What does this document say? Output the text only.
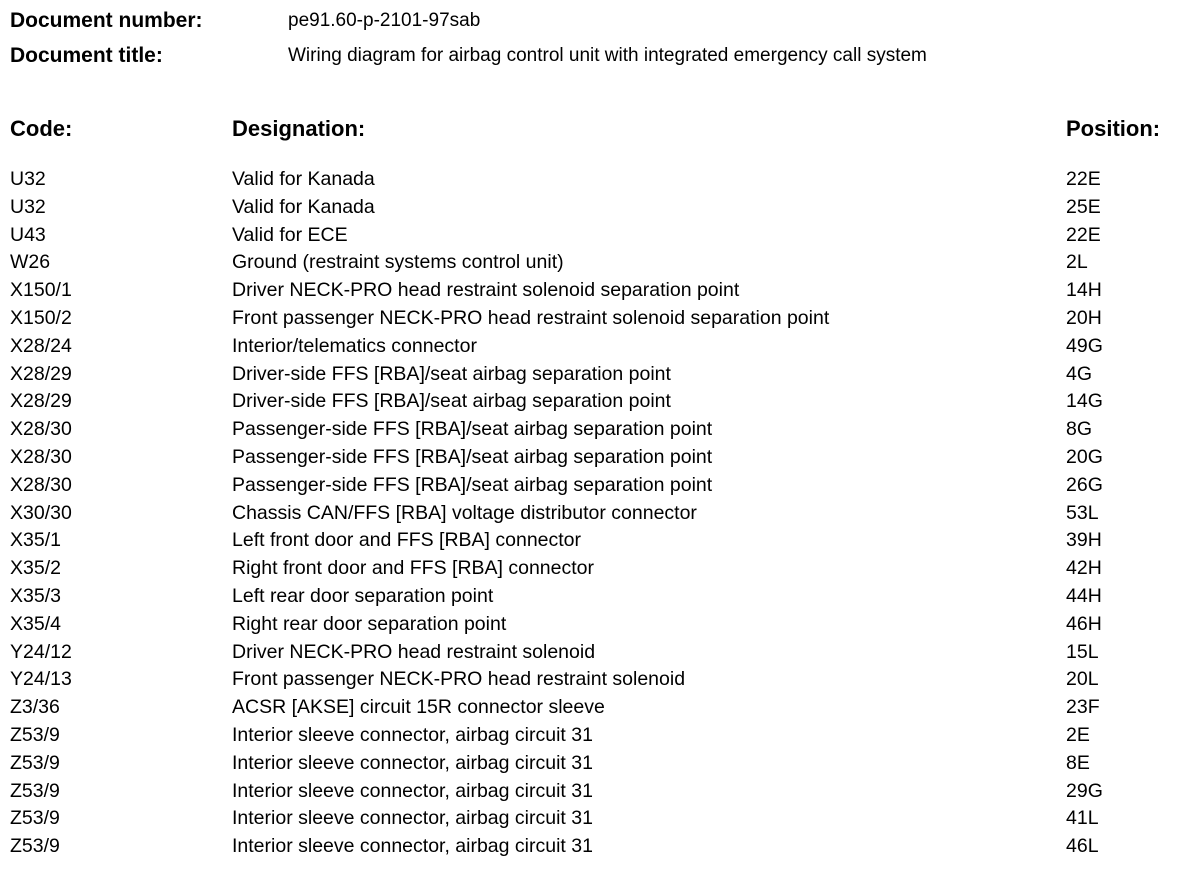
Document number:	pe91.60-p-2101-97sab
Document title:	Wiring diagram for airbag control unit with integrated emergency call system
Code:	Designation:	Position:
U32	Valid for Kanada	22E
U32	Valid for Kanada	25E
U43	Valid for ECE	22E
W26	Ground (restraint systems control unit)	2L
X150/1	Driver NECK-PRO head restraint solenoid separation point	14H
X150/2	Front passenger NECK-PRO head restraint solenoid separation point	20H
X28/24	Interior/telematics connector	49G
X28/29	Driver-side FFS [RBA]/seat airbag separation point	4G
X28/29	Driver-side FFS [RBA]/seat airbag separation point	14G
X28/30	Passenger-side FFS [RBA]/seat airbag separation point	8G
X28/30	Passenger-side FFS [RBA]/seat airbag separation point	20G
X28/30	Passenger-side FFS [RBA]/seat airbag separation point	26G
X30/30	Chassis CAN/FFS [RBA] voltage distributor connector	53L
X35/1	Left front door and FFS [RBA] connector	39H
X35/2	Right front door and FFS [RBA] connector	42H
X35/3	Left rear door separation point	44H
X35/4	Right rear door separation point	46H
Y24/12	Driver NECK-PRO head restraint solenoid	15L
Y24/13	Front passenger NECK-PRO head restraint solenoid	20L
Z3/36	ACSR [AKSE] circuit 15R connector sleeve	23F
Z53/9	Interior sleeve connector, airbag circuit 31	2E
Z53/9	Interior sleeve connector, airbag circuit 31	8E
Z53/9	Interior sleeve connector, airbag circuit 31	29G
Z53/9	Interior sleeve connector, airbag circuit 31	41L
Z53/9	Interior sleeve connector, airbag circuit 31	46L
